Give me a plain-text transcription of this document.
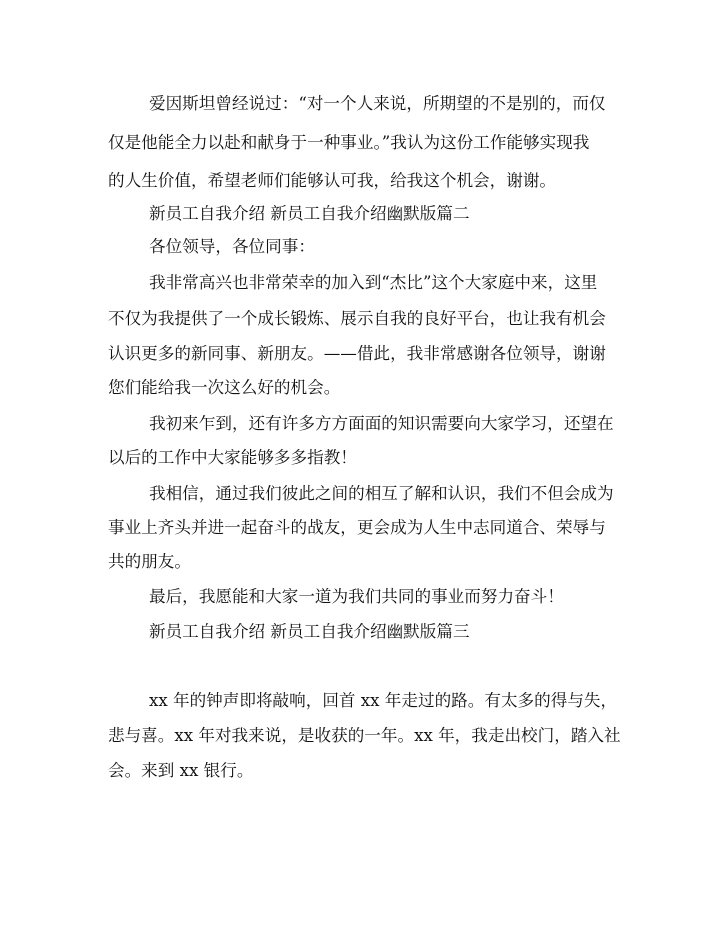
爱因斯坦曾经说过：“对一个人来说，所期望的不是别的，而仅
仅是他能全力以赴和献身于一种事业。”我认为这份工作能够实现我
的人生价值，希望老师们能够认可我，给我这个机会，谢谢。
新员工自我介绍 新员工自我介绍幽默版篇二
各位领导，各位同事：
我非常高兴也非常荣幸的加入到“杰比”这个大家庭中来，这里
不仅为我提供了一个成长锻炼、展示自我的良好平台，也让我有机会
认识更多的新同事、新朋友。——借此，我非常感谢各位领导，谢谢
您们能给我一次这么好的机会。
我初来乍到，还有许多方方面面的知识需要向大家学习，还望在
以后的工作中大家能够多多指教！
我相信，通过我们彼此之间的相互了解和认识，我们不但会成为
事业上齐头并进一起奋斗的战友，更会成为人生中志同道合、荣辱与
共的朋友。
最后，我愿能和大家一道为我们共同的事业而努力奋斗！
新员工自我介绍 新员工自我介绍幽默版篇三
xx 年的钟声即将敲响，回首 xx 年走过的路。有太多的得与失，
悲与喜。xx 年对我来说，是收获的一年。xx 年，我走出校门，踏入社
会。来到 xx 银行。
